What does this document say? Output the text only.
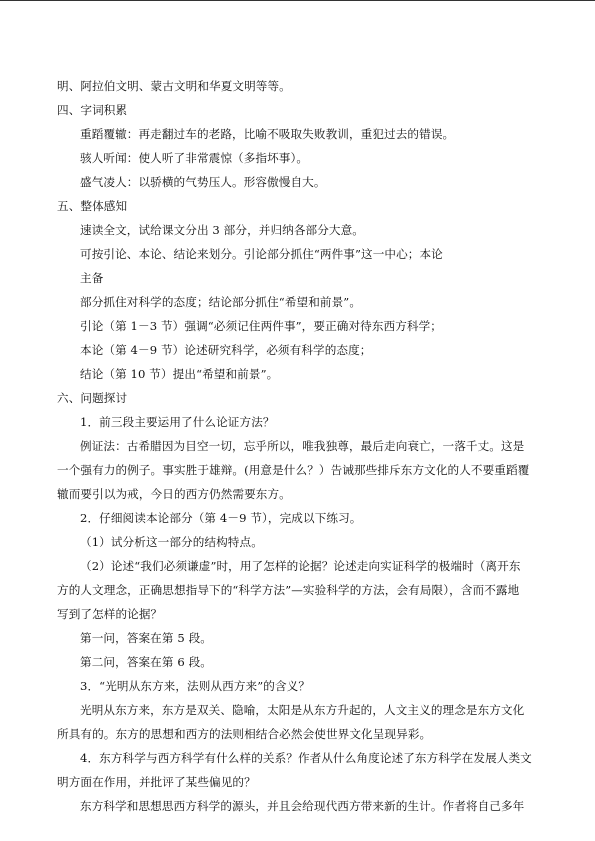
明、阿拉伯文明、蒙古文明和华夏文明等等。
四、字词积累
重蹈覆辙：再走翻过车的老路，比喻不吸取失败教训，重犯过去的错误。
骇人听闻：使人听了非常震惊（多指坏事）。
盛气凌人：以骄横的气势压人。形容傲慢自大。
五、整体感知
速读全文，试给课文分出 3 部分，并归纳各部分大意。
可按引论、本论、结论来划分。引论部分抓住“两件事”这一中心；本论
主备
部分抓住对科学的态度；结论部分抓住“希望和前景”。
引论（第 1－3 节）强调“必须记住两件事”，要正确对待东西方科学；
本论（第 4－9 节）论述研究科学，必须有科学的态度；
结论（第 10 节）提出“希望和前景”。
六、问题探讨
1．前三段主要运用了什么论证方法？
例证法：古希腊因为目空一切，忘乎所以，唯我独尊，最后走向衰亡，一落千丈。这是
一个强有力的例子。事实胜于雄辩。(用意是什么？）告诫那些排斥东方文化的人不要重蹈覆
辙而要引以为戒，今日的西方仍然需要东方。
2．仔细阅读本论部分（第 4－9 节），完成以下练习。
（1）试分析这一部分的结构特点。
（2）论述“我们必须谦虚”时，用了怎样的论据？论述走向实证科学的极端时（离开东
方的人文理念，正确思想指导下的“科学方法”—实验科学的方法，会有局限），含而不露地
写到了怎样的论据？
第一问，答案在第 5 段。
第二问，答案在第 6 段。
3．“光明从东方来，法则从西方来”的含义？
光明从东方来，东方是双关、隐喻，太阳是从东方升起的，人文主义的理念是东方文化
所具有的。东方的思想和西方的法则相结合必然会使世界文化呈现异彩。
4．东方科学与西方科学有什么样的关系？作者从什么角度论述了东方科学在发展人类文
明方面在作用，并批评了某些偏见的？
东方科学和思想思西方科学的源头，并且会给现代西方带来新的生计。作者将自己多年
